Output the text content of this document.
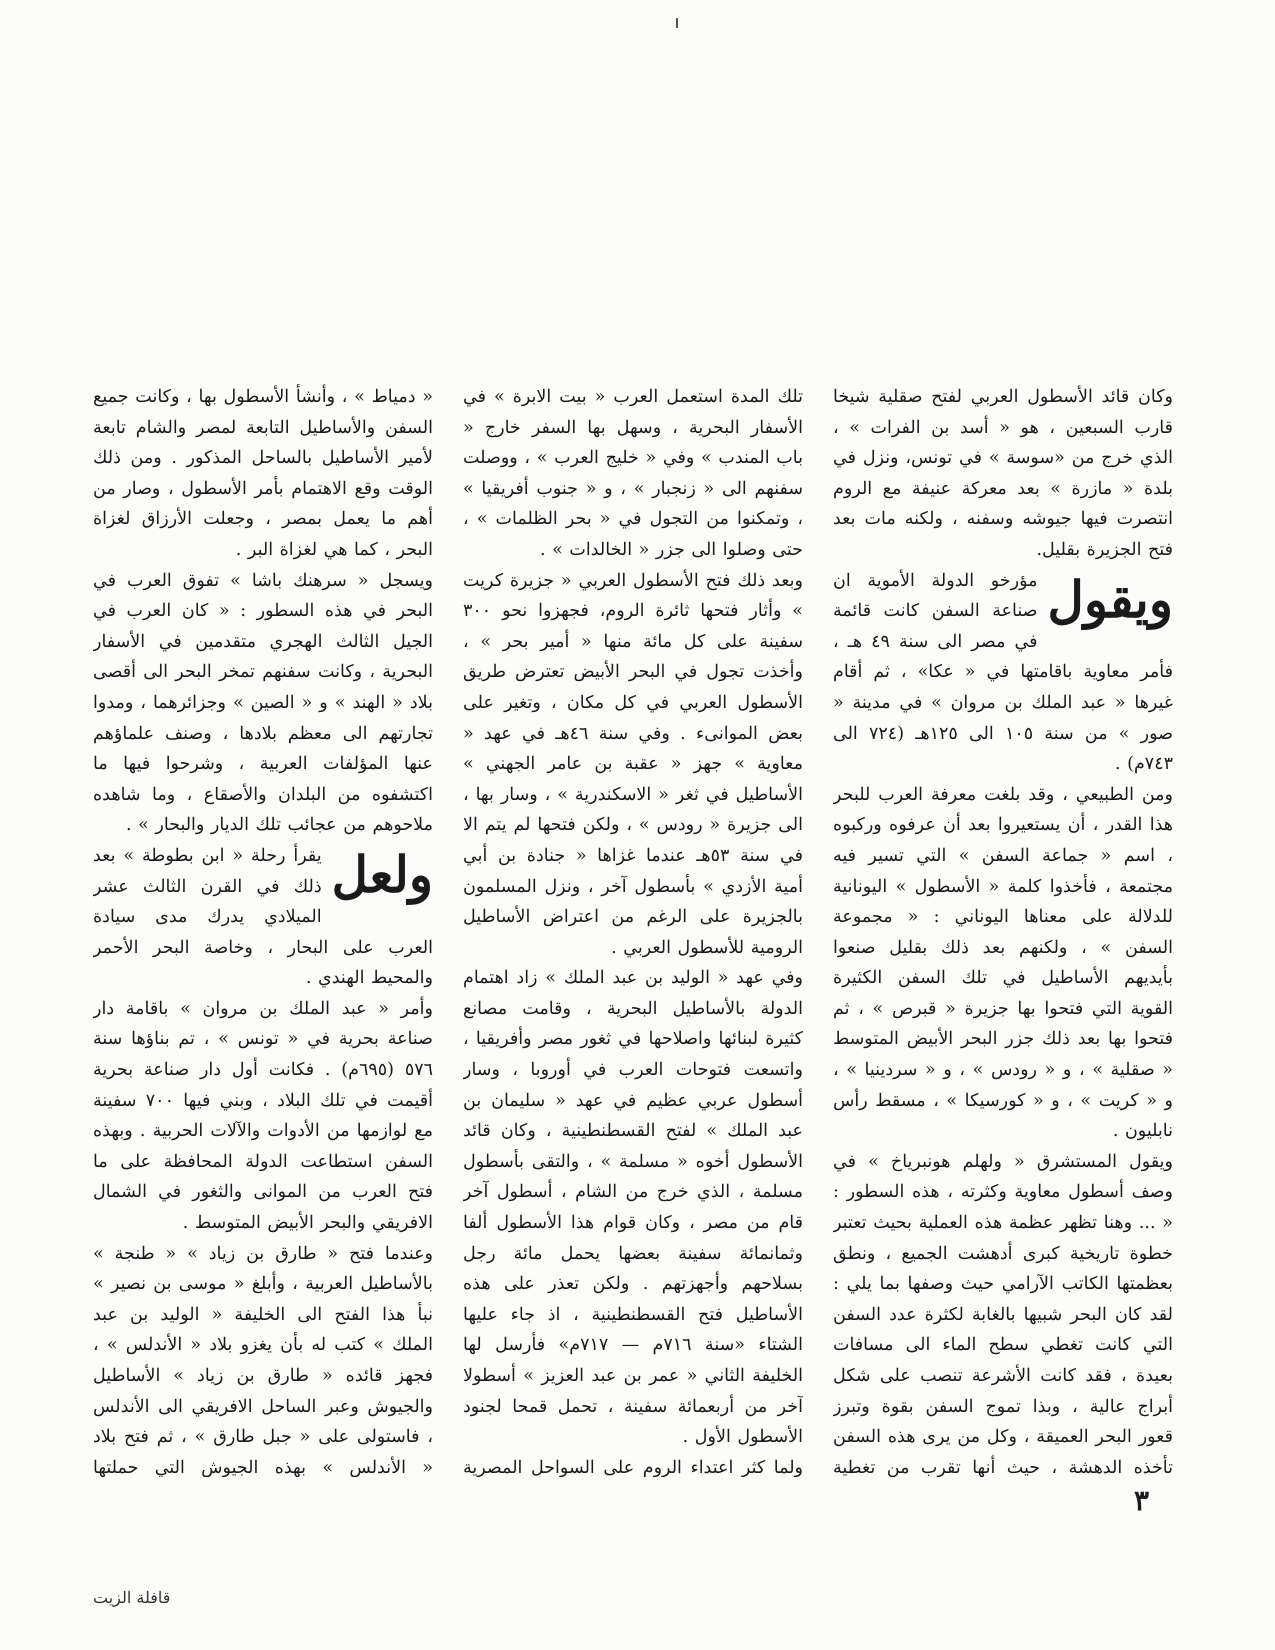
وكان قائد الأسطول العربي لفتح صقلية شيخا قارب السبعين ، هو « أسد بن الفرات » ، الذي خرج من «سوسة » في تونس، ونزل في بلدة « مازرة » بعد معركة عنيفة مع الروم انتصرت فيها جيوشه وسفنه ، ولكنه مات بعد فتح الجزيرة بقليل.

ويقول
مؤرخو الدولة الأموية ان صناعة السفن كانت قائمة في مصر الى سنة ٤٩ هـ ، فأمر معاوية باقامتها في « عكا» ، ثم أقام غيرها « عبد الملك بن مروان » في مدينة « صور » من سنة ١٠٥ الى ١٢٥هـ (٧٢٤ الى ٧٤٣م) .

ومن الطبيعي ، وقد بلغت معرفة العرب للبحر هذا القدر ، أن يستعيروا بعد أن عرفوه وركبوه ، اسم « جماعة السفن » التي تسير فيه مجتمعة ، فأخذوا كلمة « الأسطول » اليونانية للدلالة على معناها اليوناني : « مجموعة السفن » ، ولكنهم بعد ذلك بقليل صنعوا بأيديهم الأساطيل في تلك السفن الكثيرة القوية التي فتحوا بها جزيرة « قبرص » ، ثم فتحوا بها بعد ذلك جزر البحر الأبيض المتوسط « صقلية » ، و « رودس » ، و « سردينيا » ، و « كريت » ، و « كورسيكا » ، مسقط رأس نابليون .

ويقول المستشرق « ولهلم هونبرياخ » في وصف أسطول معاوية وكثرته ، هذه السطور : « ... وهنا تظهر عظمة هذه العملية بحيث تعتبر خطوة تاريخية كبرى أدهشت الجميع ، ونطق بعظمتها الكاتب الآرامي حيث وصفها بما يلي : لقد كان البحر شبيها بالغابة لكثرة عدد السفن التي كانت تغطي سطح الماء الى مسافات بعيدة ، فقد كانت الأشرعة تنصب على شكل أبراج عالية ، وبذا تموج السفن بقوة وتبرز قعور البحر العميقة ، وكل من يرى هذه السفن تأخذه الدهشة ، حيث أنها تقرب من تغطية

تلك المدة استعمل العرب « بيت الابرة » في الأسفار البحرية ، وسهل بها السفر خارج « باب المندب » وفي « خليج العرب » ، ووصلت سفنهم الى « زنجبار » ، و « جنوب أفريقيا » ، وتمكنوا من التجول في « بحر الظلمات » ، حتى وصلوا الى جزر « الخالدات » .

وبعد ذلك فتح الأسطول العربي « جزيرة كريت » وأثار فتحها ثائرة الروم، فجهزوا نحو ٣٠٠ سفينة على كل مائة منها « أمير بحر » ، وأخذت تجول في البحر الأبيض تعترض طريق الأسطول العربي في كل مكان ، وتغير على بعض الموانىء . وفي سنة ٤٦هـ في عهد « معاوية » جهز « عقبة بن عامر الجهني » الأساطيل في ثغر « الاسكندرية » ، وسار بها ، الى جزيرة « رودس » ، ولكن فتحها لم يتم الا في سنة ٥٣هـ عندما غزاها « جنادة بن أبي أمية الأزدي » بأسطول آخر ، ونزل المسلمون بالجزيرة على الرغم من اعتراض الأساطيل الرومية للأسطول العربي .

وفي عهد « الوليد بن عبد الملك » زاد اهتمام الدولة بالأساطيل البحرية ، وقامت مصانع كثيرة لبنائها واصلاحها في ثغور مصر وأفريقيا ، واتسعت فتوحات العرب في أوروبا ، وسار أسطول عربي عظيم في عهد « سليمان بن عبد الملك » لفتح القسطنطينية ، وكان قائد الأسطول أخوه « مسلمة » ، والتقى بأسطول مسلمة ، الذي خرج من الشام ، أسطول آخر قام من مصر ، وكان قوام هذا الأسطول ألفا وثمانمائة سفينة بعضها يحمل مائة رجل بسلاحهم وأجهزتهم . ولكن تعذر على هذه الأساطيل فتح القسطنطينية ، اذ جاء عليها الشتاء «سنة ٧١٦م — ٧١٧م» فأرسل لها الخليفة الثاني « عمر بن عبد العزيز » أسطولا آخر من أربعمائة سفينة ، تحمل قمحا لجنود الأسطول الأول .

ولما كثر اعتداء الروم على السواحل المصرية

« دمياط » ، وأنشأ الأسطول بها ، وكانت جميع السفن والأساطيل التابعة لمصر والشام تابعة لأمير الأساطيل بالساحل المذكور . ومن ذلك الوقت وقع الاهتمام بأمر الأسطول ، وصار من أهم ما يعمل بمصر ، وجعلت الأرزاق لغزاة البحر ، كما هي لغزاة البر .

ويسجل « سرهنك باشا » تفوق العرب في البحر في هذه السطور : « كان العرب في الجيل الثالث الهجري متقدمين في الأسفار البحرية ، وكانت سفنهم تمخر البحر الى أقصى بلاد « الهند » و « الصين » وجزائرهما ، ومدوا تجارتهم الى معظم بلادها ، وصنف علماؤهم عنها المؤلفات العربية ، وشرحوا فيها ما اكتشفوه من البلدان والأصقاع ، وما شاهده ملاحوهم من عجائب تلك الديار والبحار » .

ولعل
يقرأ رحلة « ابن بطوطة » بعد ذلك في القرن الثالث عشر الميلادي يدرك مدى سيادة العرب على البحار ، وخاصة البحر الأحمر والمحيط الهندي .

وأمر « عبد الملك بن مروان » باقامة دار صناعة بحرية في « تونس » ، تم بناؤها سنة ٥٧٦ (٦٩٥م) . فكانت أول دار صناعة بحرية أقيمت في تلك البلاد ، وبني فيها ٧٠٠ سفينة مع لوازمها من الأدوات والآلات الحربية . وبهذه السفن استطاعت الدولة المحافظة على ما فتح العرب من الموانى والثغور في الشمال الافريقي والبحر الأبيض المتوسط .

وعندما فتح « طارق بن زياد » « طنجة » بالأساطيل العربية ، وأبلغ « موسى بن نصير » نبأ هذا الفتح الى الخليفة « الوليد بن عبد الملك » كتب له بأن يغزو بلاد « الأندلس » ، فجهز قائده « طارق بن زياد » الأساطيل والجيوش وعبر الساحل الافريقي الى الأندلس ، فاستولى على « جبل طارق » ، ثم فتح بلاد « الأندلس » بهذه الجيوش التي حملتها

٣
قافلة الزيت
